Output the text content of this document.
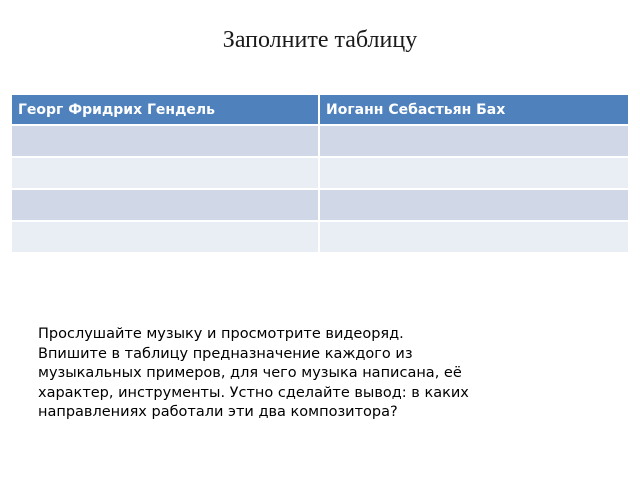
Заполните таблицу
Георг Фридрих Гендель	Иоганн Себастьян Бах

Прослушайте музыку и просмотрите видеоряд.
Впишите в таблицу предназначение каждого из музыкальных примеров, для чего музыка написана, её характер, инструменты. Устно сделайте вывод: в каких направлениях работали эти два композитора?
